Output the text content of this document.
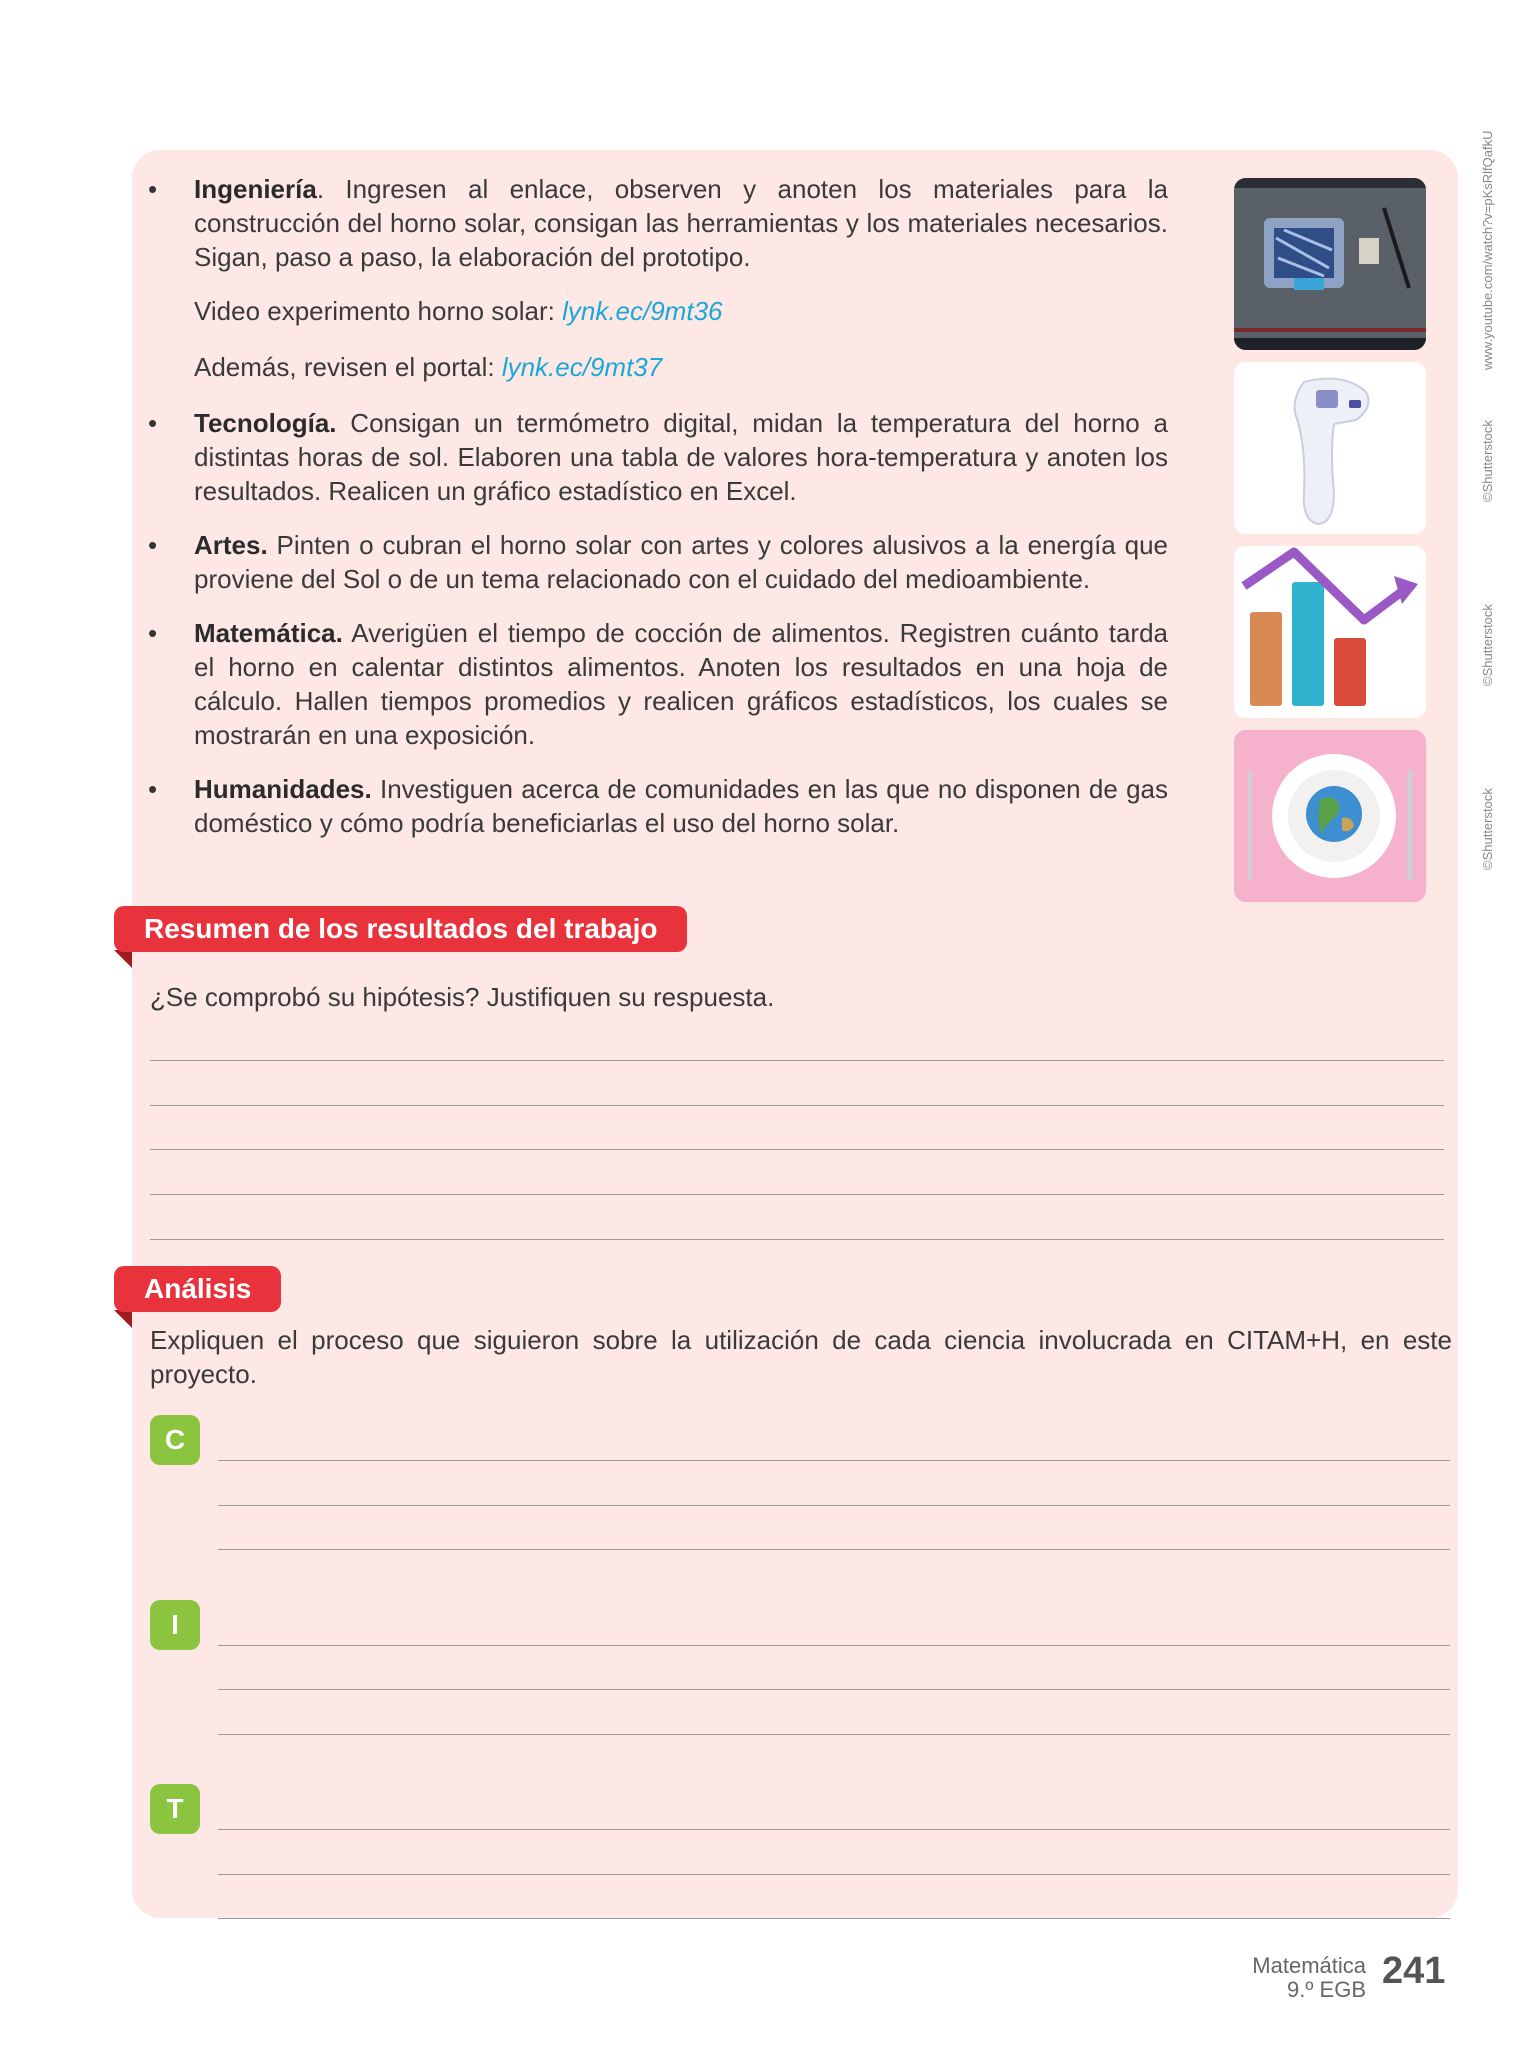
• Ingeniería. Ingresen al enlace, observen y anoten los materiales para la construcción del horno solar, consigan las herramientas y los materiales necesarios. Sigan, paso a paso, la elaboración del prototipo.
Video experimento horno solar: lynk.ec/9mt36
Además, revisen el portal: lynk.ec/9mt37
• Tecnología. Consigan un termómetro digital, midan la temperatura del horno a distintas horas de sol. Elaboren una tabla de valores hora-temperatura y anoten los resultados. Realicen un gráfico estadístico en Excel.
• Artes. Pinten o cubran el horno solar con artes y colores alusivos a la energía que proviene del Sol o de un tema relacionado con el cuidado del medioambiente.
• Matemática. Averigüen el tiempo de cocción de alimentos. Registren cuánto tarda el horno en calentar distintos alimentos. Anoten los resultados en una hoja de cálculo. Hallen tiempos promedios y realicen gráficos estadísticos, los cuales se mostrarán en una exposición.
• Humanidades. Investiguen acerca de comunidades en las que no disponen de gas doméstico y cómo podría beneficiarlas el uso del horno solar.
www.youtube.com/watch?v=pKsRlfQafkU
©Shutterstock
©Shutterstock
©Shutterstock
Resumen de los resultados del trabajo
¿Se comprobó su hipótesis? Justifiquen su respuesta.
Análisis
Expliquen el proceso que siguieron sobre la utilización de cada ciencia involucrada en CITAM+H, en este proyecto.
C
I
T
Matemática
9.º EGB 241
